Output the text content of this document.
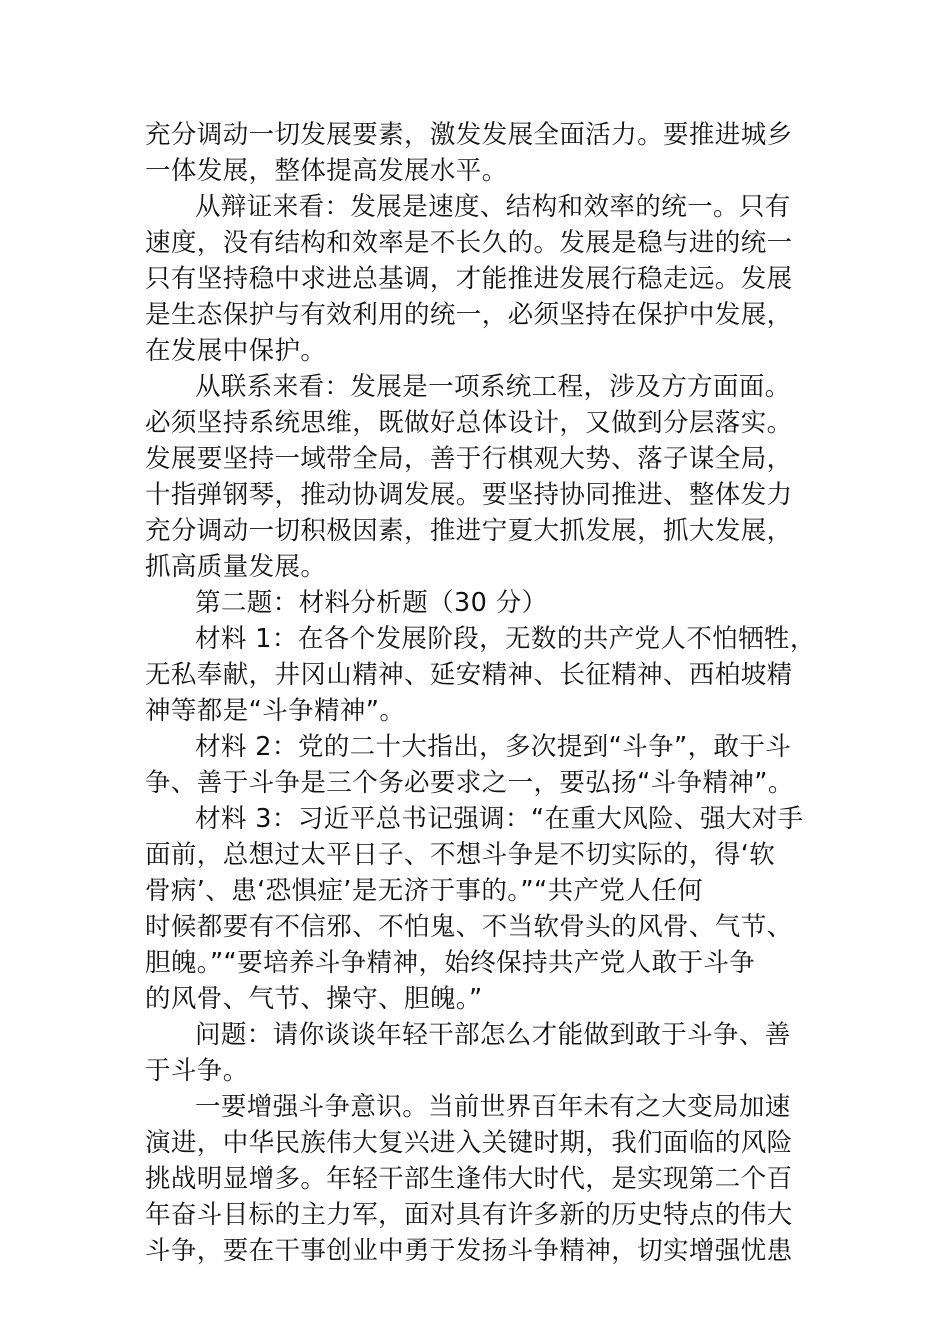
充分调动一切发展要素，激发发展全面活力。要推进城乡
一体发展，整体提高发展水平。
从辩证来看：发展是速度、结构和效率的统一。只有
速度，没有结构和效率是不长久的。发展是稳与进的统一
只有坚持稳中求进总基调，才能推进发展行稳走远。发展
是生态保护与有效利用的统一，必须坚持在保护中发展，
在发展中保护。
从联系来看：发展是一项系统工程，涉及方方面面。
必须坚持系统思维，既做好总体设计，又做到分层落实。
发展要坚持一域带全局，善于行棋观大势、落子谋全局，
十指弹钢琴，推动协调发展。要坚持协同推进、整体发力
充分调动一切积极因素，推进宁夏大抓发展，抓大发展，
抓高质量发展。
第二题：材料分析题（30 分）
材料 1：在各个发展阶段，无数的共产党人不怕牺牲，
无私奉献，井冈山精神、延安精神、长征精神、西柏坡精
神等都是“斗争精神”。
材料 2：党的二十大指出，多次提到“斗争”，敢于斗
争、善于斗争是三个务必要求之一，要弘扬“斗争精神”。
材料 3：习近平总书记强调：“在重大风险、强大对手
面前，总想过太平日子、不想斗争是不切实际的，得‘软
骨病’、患‘恐惧症’是无济于事的。”“共产党人任何
时候都要有不信邪、不怕鬼、不当软骨头的风骨、气节、
胆魄。”“要培养斗争精神，始终保持共产党人敢于斗争
的风骨、气节、操守、胆魄。”
问题：请你谈谈年轻干部怎么才能做到敢于斗争、善
于斗争。
一要增强斗争意识。当前世界百年未有之大变局加速
演进，中华民族伟大复兴进入关键时期，我们面临的风险
挑战明显增多。年轻干部生逢伟大时代，是实现第二个百
年奋斗目标的主力军，面对具有许多新的历史特点的伟大
斗争，要在干事创业中勇于发扬斗争精神，切实增强忧患
